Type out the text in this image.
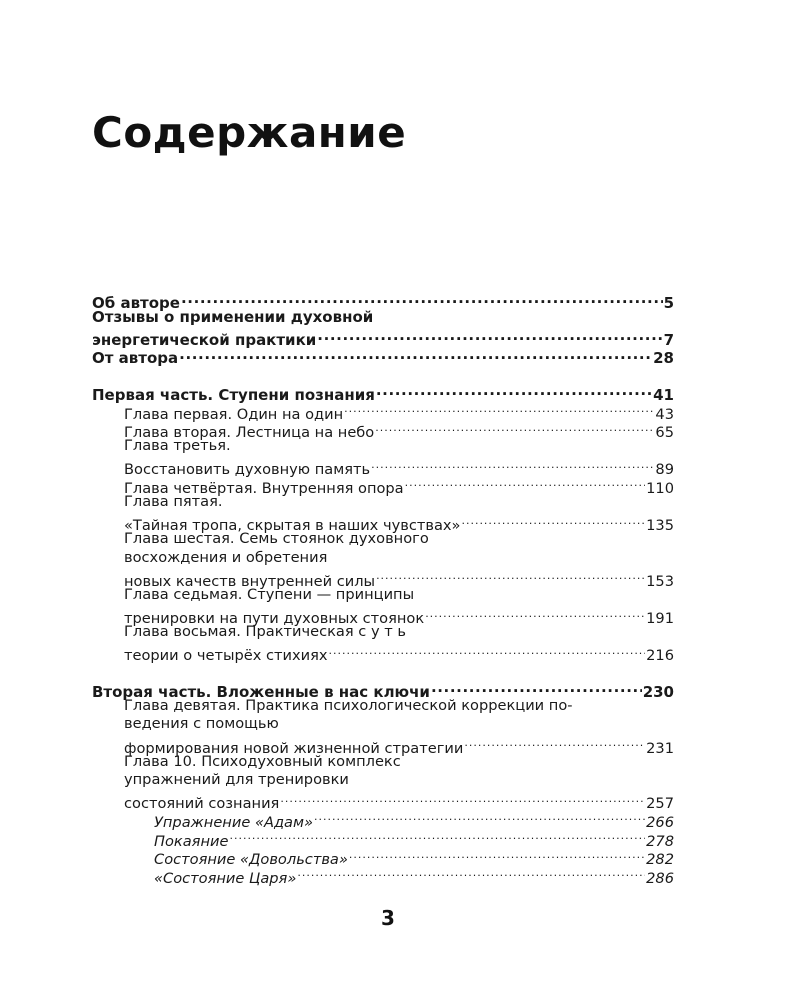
Содержание
Об авторе .....	5
Отзывы о применении духовной
энергетической практики .....	7
От автора .....	28
Первая часть. Ступени познания .....	41
Глава первая. Один на один .....	43
Глава вторая. Лестница на небо .....	65
Глава третья.
Восстановить духовную память .....	89
Глава четвёртая. Внутренняя опора .....	110
Глава пятая.
«Тайная тропа, скрытая в наших чувствах» .....	135
Глава шестая. Семь стоянок духовного
восхождения и обретения
новых качеств внутренней силы .....	153
Глава седьмая. Ступени — принципы
тренировки на пути духовных стоянок .....	191
Глава восьмая. Практическая с у т ь
теории о четырёх стихиях .....	216
Вторая часть. Вложенные в нас ключи .....	230
Глава девятая. Практика психологической коррекции по-
ведения с помощью
формирования новой жизненной стратегии .....	231
Глава 10. Психодуховный комплекс
упражнений для тренировки
состояний сознания .....	257
Упражнение «Адам» .....	266
Покаяние .....	278
Состояние «Довольства» .....	282
«Состояние Царя» .....	286
3
